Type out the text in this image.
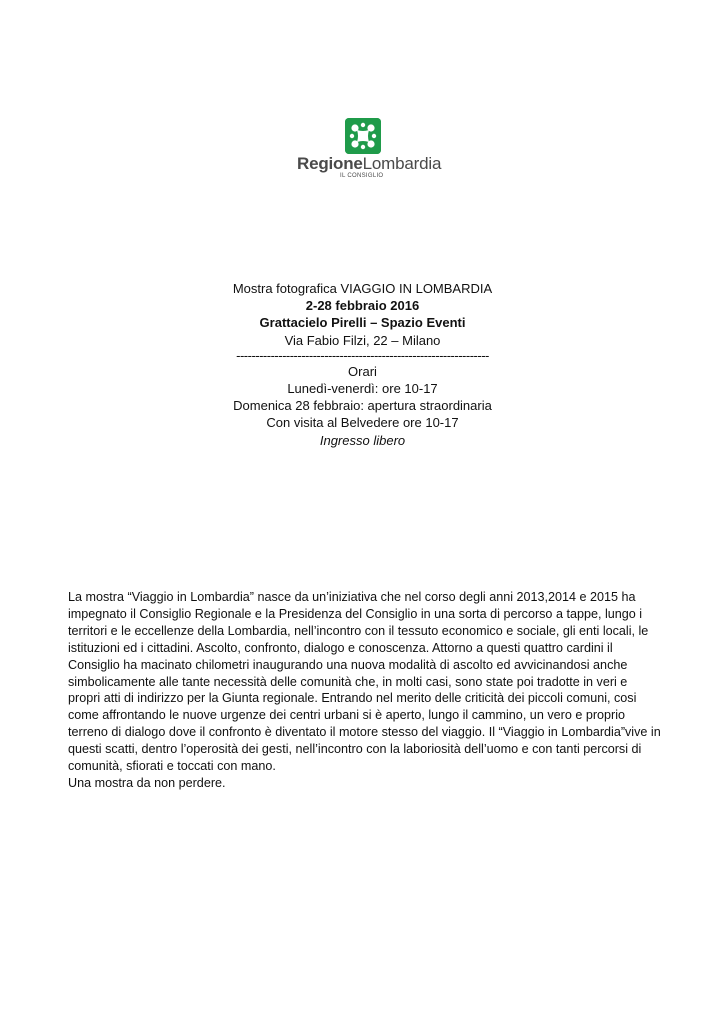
RegioneLombardia
IL CONSIGLIO
Mostra fotografica VIAGGIO IN LOMBARDIA
2-28 febbraio 2016
Grattacielo Pirelli – Spazio Eventi
Via Fabio Filzi, 22 – Milano
------------------------------------------------------------------
Orari
Lunedì-venerdì: ore 10-17
Domenica 28 febbraio: apertura straordinaria
Con visita al Belvedere ore 10-17
Ingresso libero
La mostra “Viaggio in Lombardia” nasce da un’iniziativa che nel corso degli anni 2013,2014 e 2015 ha
impegnato il Consiglio Regionale e la Presidenza del Consiglio in una sorta di percorso a tappe, lungo i
territori e le eccellenze della Lombardia, nell’incontro con il tessuto economico e sociale, gli enti locali, le
istituzioni ed i cittadini. Ascolto, confronto, dialogo e conoscenza. Attorno a questi quattro cardini il
Consiglio ha macinato chilometri inaugurando una nuova modalità di ascolto ed avvicinandosi anche
simbolicamente alle tante necessità delle comunità che, in molti casi, sono state poi tradotte in veri e
propri atti di indirizzo per la Giunta regionale. Entrando nel merito delle criticità dei piccoli comuni, cosi
come affrontando le nuove urgenze dei centri urbani si è aperto, lungo il cammino, un vero e proprio
terreno di dialogo dove il confronto è diventato il motore stesso del viaggio. Il “Viaggio in Lombardia”vive in
questi scatti, dentro l’operosità dei gesti, nell’incontro con la laboriosità dell’uomo e con tanti percorsi di
comunità, sfiorati e toccati con mano.
Una mostra da non perdere.
